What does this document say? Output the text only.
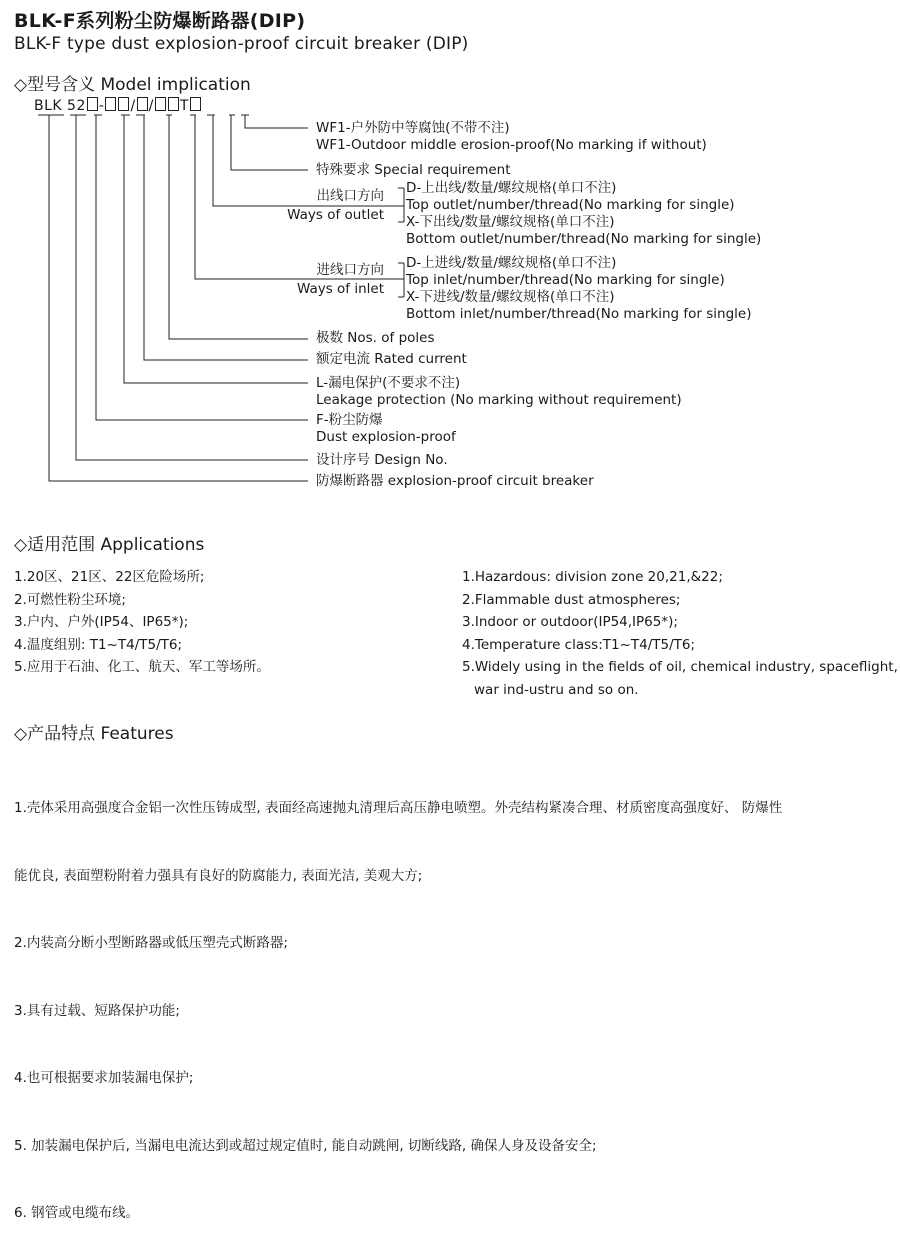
BLK-F系列粉尘防爆断路器(DIP)
BLK-F type dust explosion-proof circuit breaker (DIP)
◇型号含义 Model implication
BLK 52 - / / T
WF1-户外防中等腐蚀(不带不注)
WF1-Outdoor middle erosion-proof(No marking if without)
特殊要求 Special requirement
出线口方向
Ways of outlet
D-上出线/数量/螺纹规格(单口不注)
Top outlet/number/thread(No marking for single)
X-下出线/数量/螺纹规格(单口不注)
Bottom outlet/number/thread(No marking for single)
进线口方向
Ways of inlet
D-上进线/数量/螺纹规格(单口不注)
Top inlet/number/thread(No marking for single)
X-下进线/数量/螺纹规格(单口不注)
Bottom inlet/number/thread(No marking for single)
极数 Nos. of poles
额定电流 Rated current
L-漏电保护(不要求不注)
Leakage protection (No marking without requirement)
F-粉尘防爆
Dust explosion-proof
设计序号 Design No.
防爆断路器 explosion-proof circuit breaker
◇适用范围 Applications
1.20区、21区、22区危险场所;
2.可燃性粉尘环境;
3.户内、户外(IP54、IP65*);
4.温度组别: T1~T4/T5/T6;
5.应用于石油、化工、航天、军工等场所。
1.Hazardous: division zone 20,21,&22;
2.Flammable dust atmospheres;
3.Indoor or outdoor(IP54,IP65*);
4.Temperature class:T1~T4/T5/T6;
5.Widely using in the fields of oil, chemical industry, spaceflight,
war ind-ustru and so on.
◇产品特点 Features

1.壳体采用高强度合金铝一次性压铸成型, 表面经高速抛丸清理后高压静电喷塑。外壳结构紧凑合理、材质密度高强度好、 防爆性

能优良, 表面塑粉附着力强具有良好的防腐能力, 表面光洁, 美观大方;

2.内装高分断小型断路器或低压塑壳式断路器;

3.具有过载、短路保护功能;

4.也可根据要求加装漏电保护;

5. 加装漏电保护后, 当漏电电流达到或超过规定值时, 能自动跳闸, 切断线路, 确保人身及设备安全;

6. 钢管或电缆布线。
